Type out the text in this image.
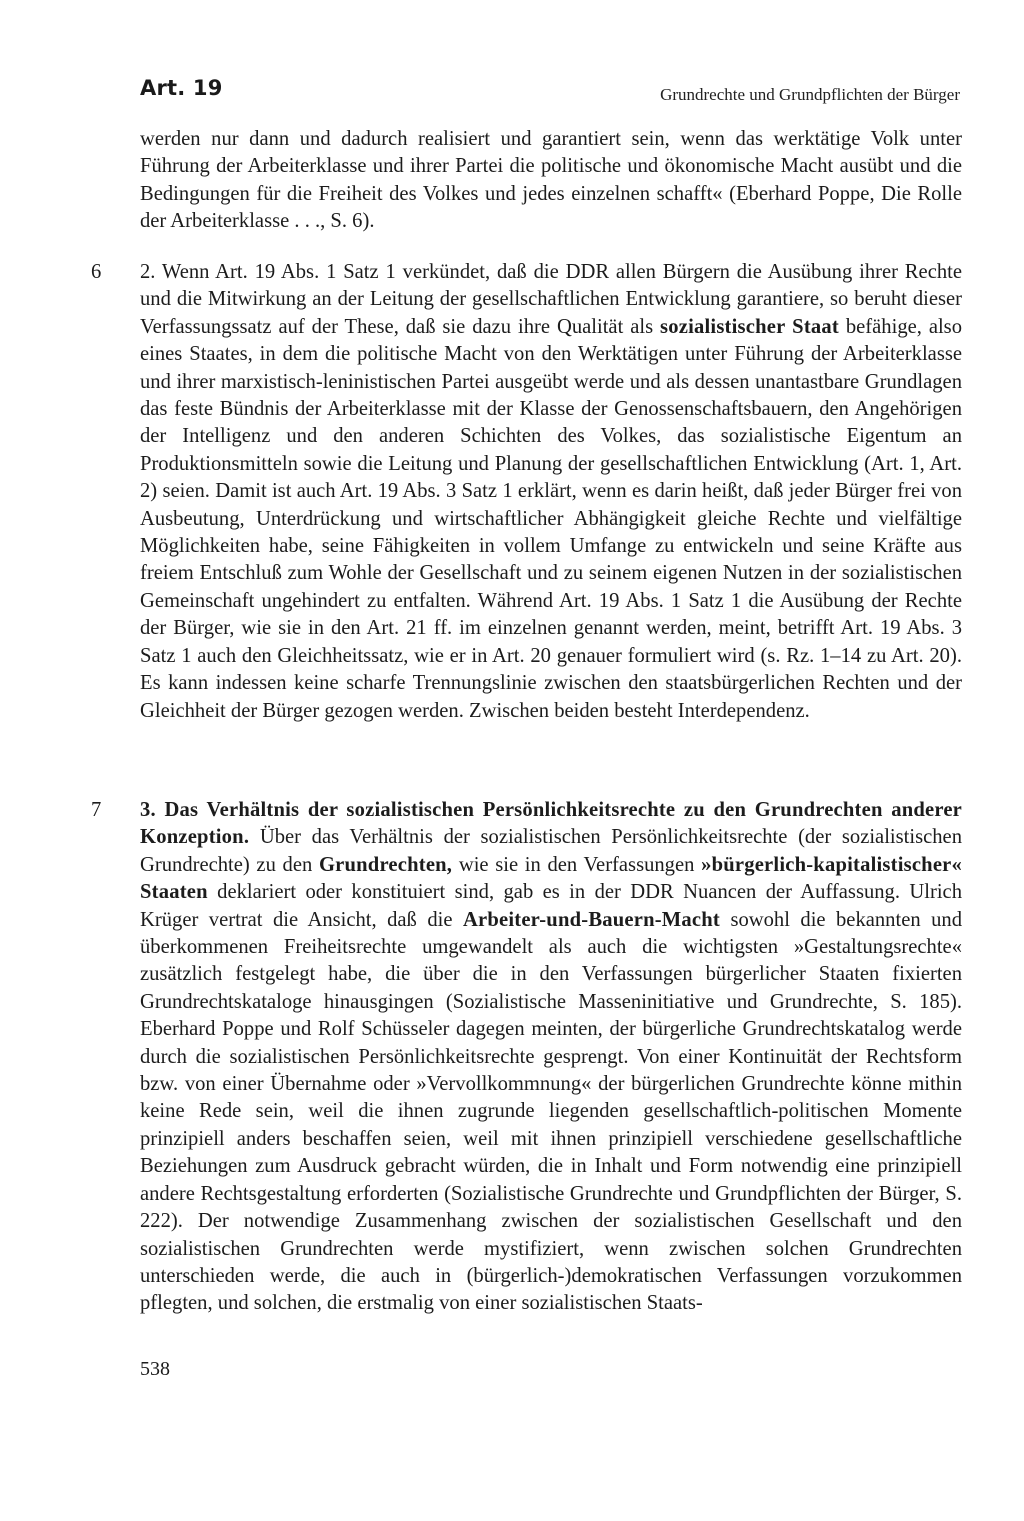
Art. 19	Grundrechte und Grundpflichten der Bürger
6
7
werden nur dann und dadurch realisiert und garantiert sein, wenn das werktätige Volk unter Führung der Arbeiterklasse und ihrer Partei die politische und ökonomische Macht ausübt und die Bedingungen für die Freiheit des Volkes und jedes einzelnen schafft« (Eberhard Poppe, Die Rolle der Arbeiterklasse . . ., S. 6).
2. Wenn Art. 19 Abs. 1 Satz 1 verkündet, daß die DDR allen Bürgern die Ausübung ihrer Rechte und die Mitwirkung an der Leitung der gesellschaftlichen Entwicklung garantiere, so beruht dieser Verfassungssatz auf der These, daß sie dazu ihre Qualität als sozialistischer Staat befähige, also eines Staates, in dem die politische Macht von den Werktätigen unter Führung der Arbeiterklasse und ihrer marxistisch-leninistischen Partei ausgeübt werde und als dessen unantastbare Grundlagen das feste Bündnis der Arbeiterklasse mit der Klasse der Genossenschaftsbauern, den Angehörigen der Intelligenz und den anderen Schichten des Volkes, das sozialistische Eigentum an Produktionsmitteln sowie die Leitung und Planung der gesellschaftlichen Entwicklung (Art. 1, Art. 2) seien. Damit ist auch Art. 19 Abs. 3 Satz 1 erklärt, wenn es darin heißt, daß jeder Bürger frei von Ausbeutung, Unterdrückung und wirtschaftlicher Abhängigkeit gleiche Rechte und vielfältige Möglichkeiten habe, seine Fähigkeiten in vollem Umfange zu entwickeln und seine Kräfte aus freiem Entschluß zum Wohle der Gesellschaft und zu seinem eigenen Nutzen in der sozialistischen Gemeinschaft ungehindert zu entfalten. Während Art. 19 Abs. 1 Satz 1 die Ausübung der Rechte der Bürger, wie sie in den Art. 21 ff. im einzelnen genannt werden, meint, betrifft Art. 19 Abs. 3 Satz 1 auch den Gleichheitssatz, wie er in Art. 20 genauer formuliert wird (s. Rz. 1–14 zu Art. 20). Es kann indessen keine scharfe Trennungslinie zwischen den staatsbürgerlichen Rechten und der Gleichheit der Bürger gezogen werden. Zwischen beiden besteht Interdependenz.
3. Das Verhältnis der sozialistischen Persönlichkeitsrechte zu den Grundrechten anderer Konzeption. Über das Verhältnis der sozialistischen Persönlichkeitsrechte (der sozialistischen Grundrechte) zu den Grundrechten, wie sie in den Verfassungen »bürgerlich-kapitalistischer« Staaten deklariert oder konstituiert sind, gab es in der DDR Nuancen der Auffassung. Ulrich Krüger vertrat die Ansicht, daß die Arbeiter-und-Bauern-Macht sowohl die bekannten und überkommenen Freiheitsrechte umgewandelt als auch die wichtigsten »Gestaltungsrechte« zusätzlich festgelegt habe, die über die in den Verfassungen bürgerlicher Staaten fixierten Grundrechtskataloge hinausgingen (Sozialistische Masseninitiative und Grundrechte, S. 185). Eberhard Poppe und Rolf Schüsseler dagegen meinten, der bürgerliche Grundrechtskatalog werde durch die sozialistischen Persönlichkeitsrechte gesprengt. Von einer Kontinuität der Rechtsform bzw. von einer Übernahme oder »Vervollkommnung« der bürgerlichen Grundrechte könne mithin keine Rede sein, weil die ihnen zugrunde liegenden gesellschaftlich-politischen Momente prinzipiell anders beschaffen seien, weil mit ihnen prinzipiell verschiedene gesellschaftliche Beziehungen zum Ausdruck gebracht würden, die in Inhalt und Form notwendig eine prinzipiell andere Rechtsgestaltung erforderten (Sozialistische Grundrechte und Grundpflichten der Bürger, S. 222). Der notwendige Zusammenhang zwischen der sozialistischen Gesellschaft und den sozialistischen Grundrechten werde mystifiziert, wenn zwischen solchen Grundrechten unterschieden werde, die auch in (bürgerlich-)demokratischen Verfassungen vorzukommen pflegten, und solchen, die erstmalig von einer sozialistischen Staats-
538
